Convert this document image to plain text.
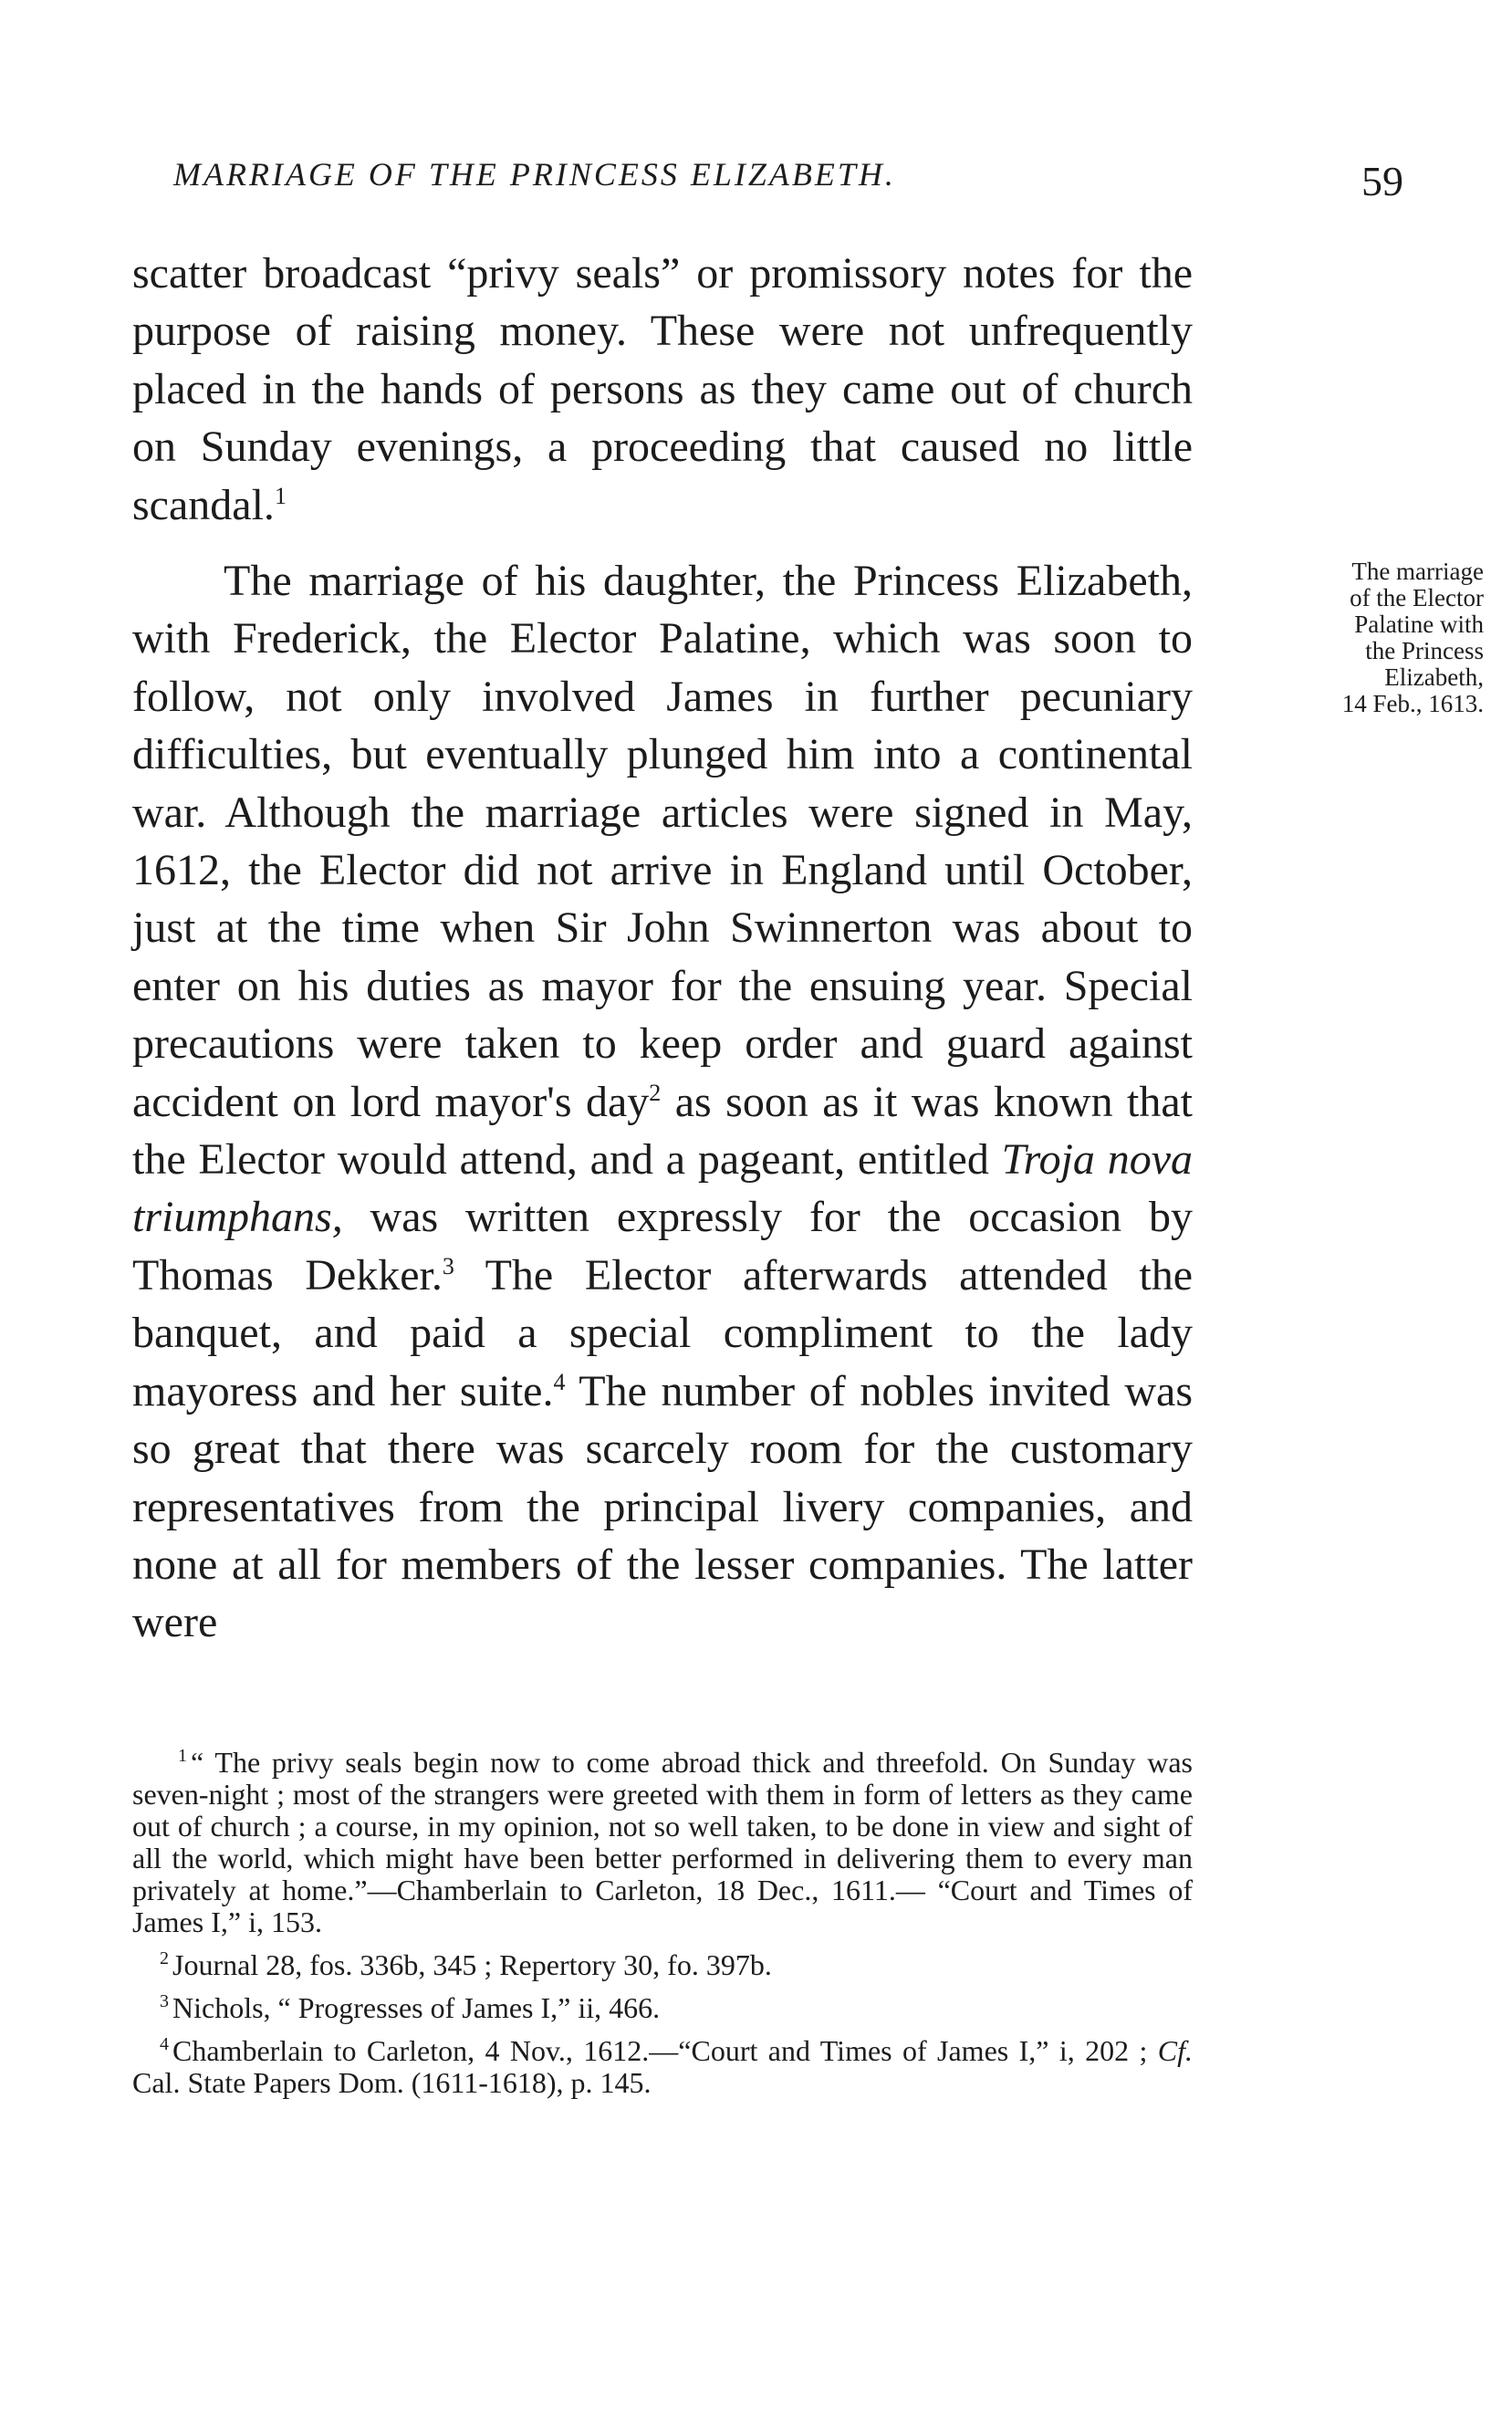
MARRIAGE OF THE PRINCESS ELIZABETH.	59

scatter broadcast “privy seals” or promissory notes for the purpose of raising money. These were not unfrequently placed in the hands of persons as they came out of church on Sunday evenings, a proceeding that caused no little scandal.$^1$

The marriage of his daughter, the Princess Elizabeth, with Frederick, the Elector Palatine, which was soon to follow, not only involved James in further pecuniary difficulties, but eventually plunged him into a continental war. Although the marriage articles were signed in May, 1612, the Elector did not arrive in England until October, just at the time when Sir John Swinnerton was about to enter on his duties as mayor for the ensuing year. Special precautions were taken to keep order and guard against accident on lord mayor's day$^2$ as soon as it was known that the Elector would attend, and a pageant, entitled Troja nova triumphans, was written expressly for the occasion by Thomas Dekker.$^3$ The Elector afterwards attended the banquet, and paid a special compliment to the lady mayoress and her suite.$^4$ The number of nobles invited was so great that there was scarcely room for the customary representatives from the principal livery companies, and none at all for members of the lesser companies. The latter were

The marriage
of the Elector
Palatine with
the Princess
Elizabeth,
14 Feb., 1613.

$^1$ “ The privy seals begin now to come abroad thick and threefold. On Sunday was seven-night ; most of the strangers were greeted with them in form of letters as they came out of church ; a course, in my opinion, not so well taken, to be done in view and sight of all the world, which might have been better performed in delivering them to every man privately at home.”—Chamberlain to Carleton, 18 Dec., 1611.— “Court and Times of James I,” i, 153.

$^2$ Journal 28, fos. 336b, 345 ; Repertory 30, fo. 397b.

$^3$ Nichols, “ Progresses of James I,” ii, 466.

$^4$ Chamberlain to Carleton, 4 Nov., 1612.—“Court and Times of James I,” i, 202 ; Cf. Cal. State Papers Dom. (1611-1618), p. 145.
